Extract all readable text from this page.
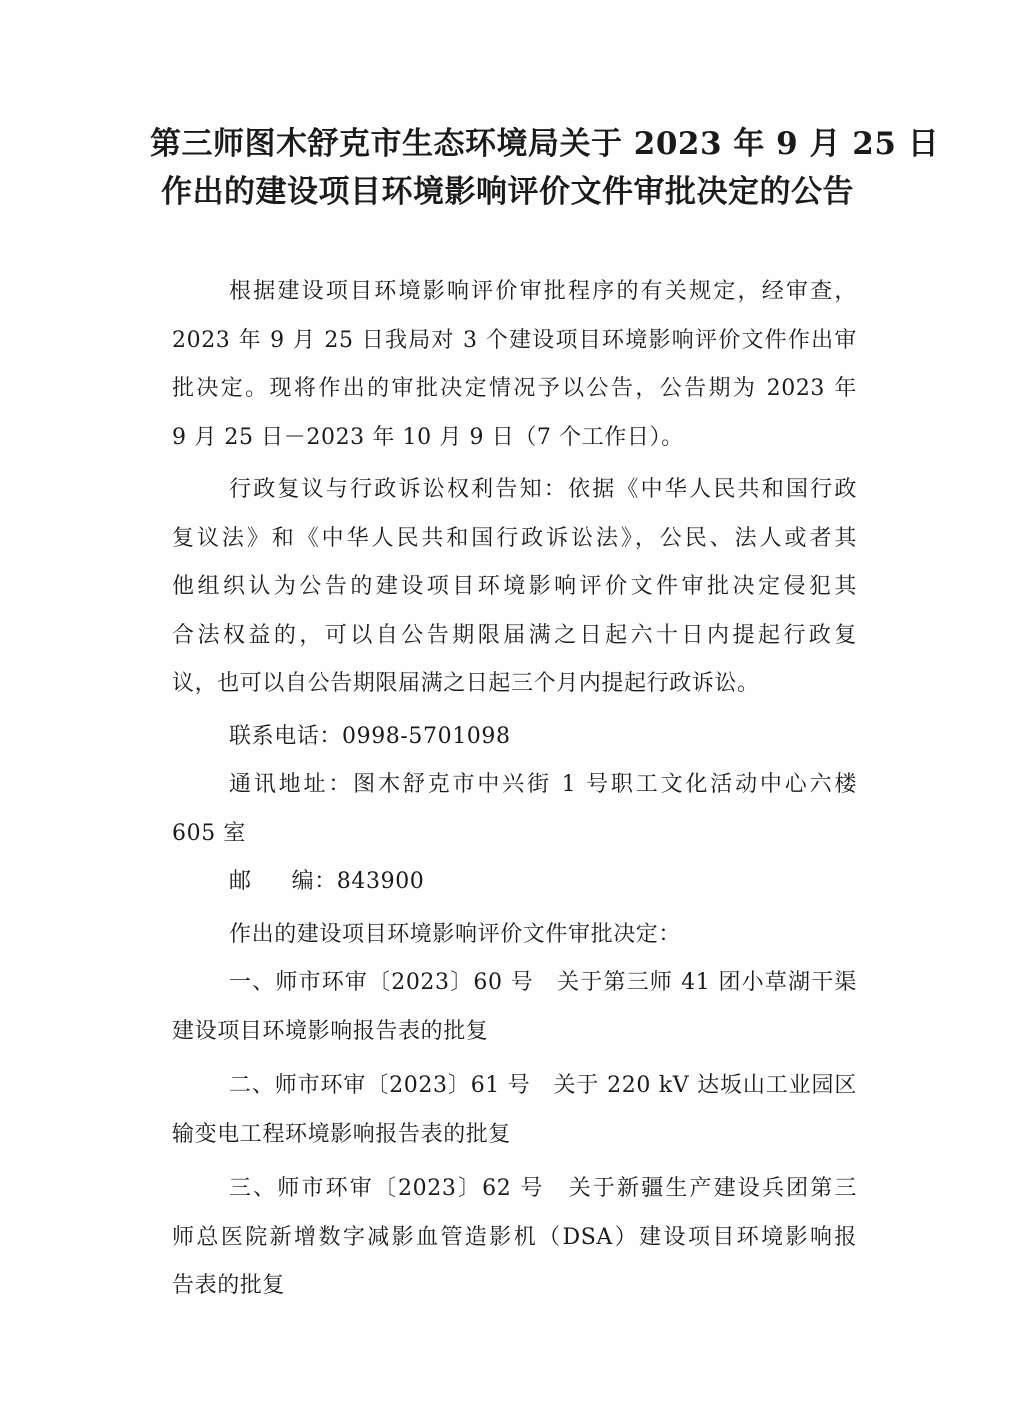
第三师图木舒克市生态环境局关于 2023 年 9 月 25 日
作出的建设项目环境影响评价文件审批决定的公告
根据建设项目环境影响评价审批程序的有关规定，经审查，
2023 年 9 月 25 日我局对 3 个建设项目环境影响评价文件作出审
批决定。现将作出的审批决定情况予以公告，公告期为 2023 年
9 月 25 日－2023 年 10 月 9 日（7 个工作日）。
行政复议与行政诉讼权利告知：依据《中华人民共和国行政
复议法》和《中华人民共和国行政诉讼法》，公民、法人或者其
他组织认为公告的建设项目环境影响评价文件审批决定侵犯其
合法权益的，可以自公告期限届满之日起六十日内提起行政复
议，也可以自公告期限届满之日起三个月内提起行政诉讼。
联系电话：0998-5701098
通讯地址：图木舒克市中兴街 1 号职工文化活动中心六楼
605 室
邮 编：843900
作出的建设项目环境影响评价文件审批决定：
一、师市环审〔2023〕60 号　关于第三师 41 团小草湖干渠
建设项目环境影响报告表的批复
二、师市环审〔2023〕61 号　关于 220 kV 达坂山工业园区
输变电工程环境影响报告表的批复
三、师市环审〔2023〕62 号　关于新疆生产建设兵团第三
师总医院新增数字减影血管造影机（DSA）建设项目环境影响报
告表的批复
